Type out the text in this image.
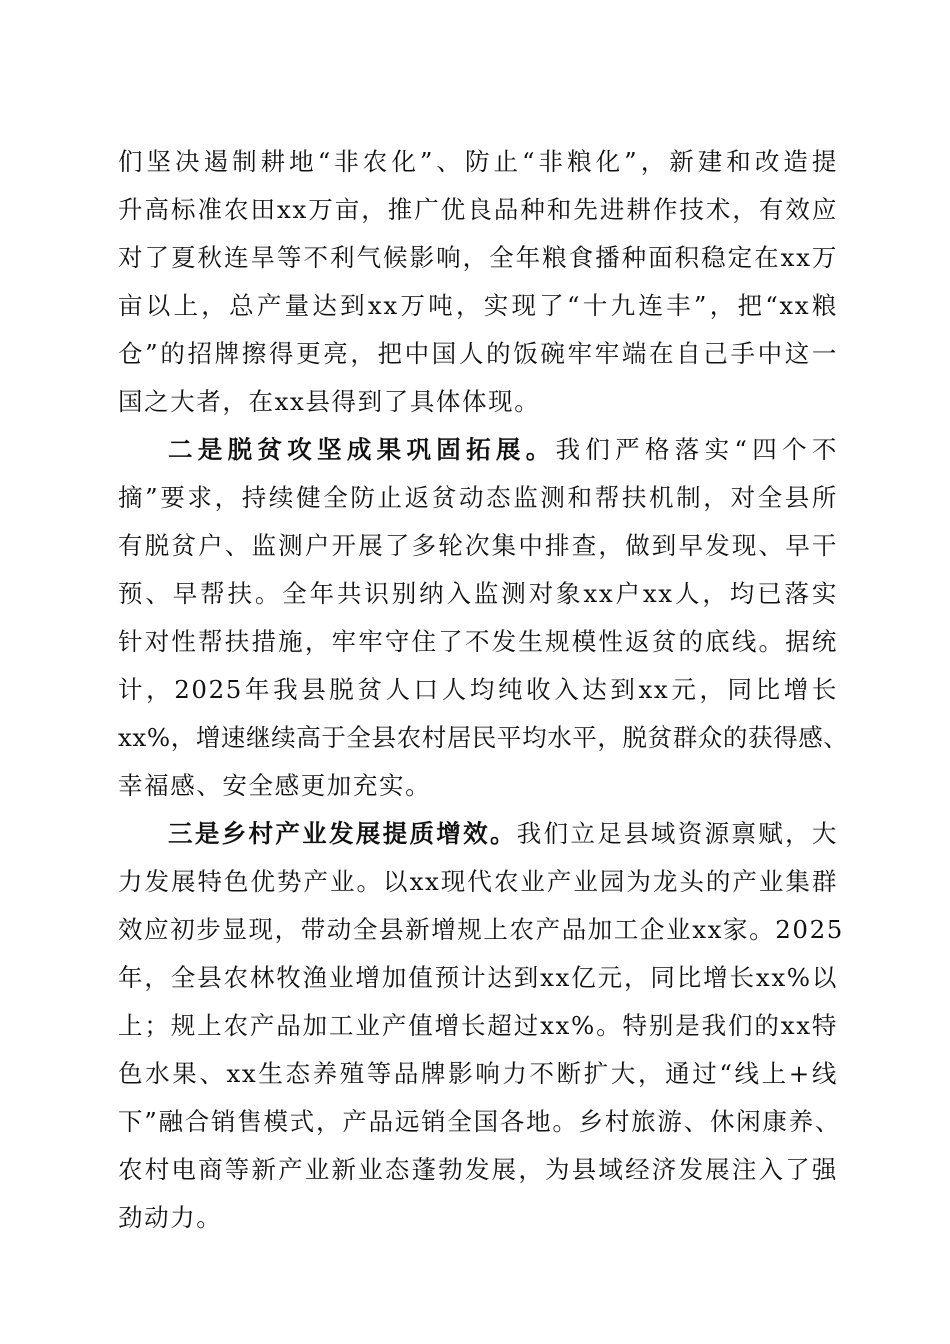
们坚决遏制耕地“非农化”、防止“非粮化”，新建和改造提
升高标准农田xx万亩，推广优良品种和先进耕作技术，有效应
对了夏秋连旱等不利气候影响，全年粮食播种面积稳定在xx万
亩以上，总产量达到xx万吨，实现了“十九连丰”，把“xx粮
仓”的招牌擦得更亮，把中国人的饭碗牢牢端在自己手中这一
国之大者，在xx县得到了具体体现。
二是脱贫攻坚成果巩固拓展。我们严格落实“四个不
摘”要求，持续健全防止返贫动态监测和帮扶机制，对全县所
有脱贫户、监测户开展了多轮次集中排查，做到早发现、早干
预、早帮扶。全年共识别纳入监测对象xx户xx人，均已落实
针对性帮扶措施，牢牢守住了不发生规模性返贫的底线。据统
计，2025年我县脱贫人口人均纯收入达到xx元，同比增长
xx%，增速继续高于全县农村居民平均水平，脱贫群众的获得感、
幸福感、安全感更加充实。
三是乡村产业发展提质增效。我们立足县域资源禀赋，大
力发展特色优势产业。以xx现代农业产业园为龙头的产业集群
效应初步显现，带动全县新增规上农产品加工企业xx家。2025
年，全县农林牧渔业增加值预计达到xx亿元，同比增长xx%以
上；规上农产品加工业产值增长超过xx%。特别是我们的xx特
色水果、xx生态养殖等品牌影响力不断扩大，通过“线上+线
下”融合销售模式，产品远销全国各地。乡村旅游、休闲康养、
农村电商等新产业新业态蓬勃发展，为县域经济发展注入了强
劲动力。
